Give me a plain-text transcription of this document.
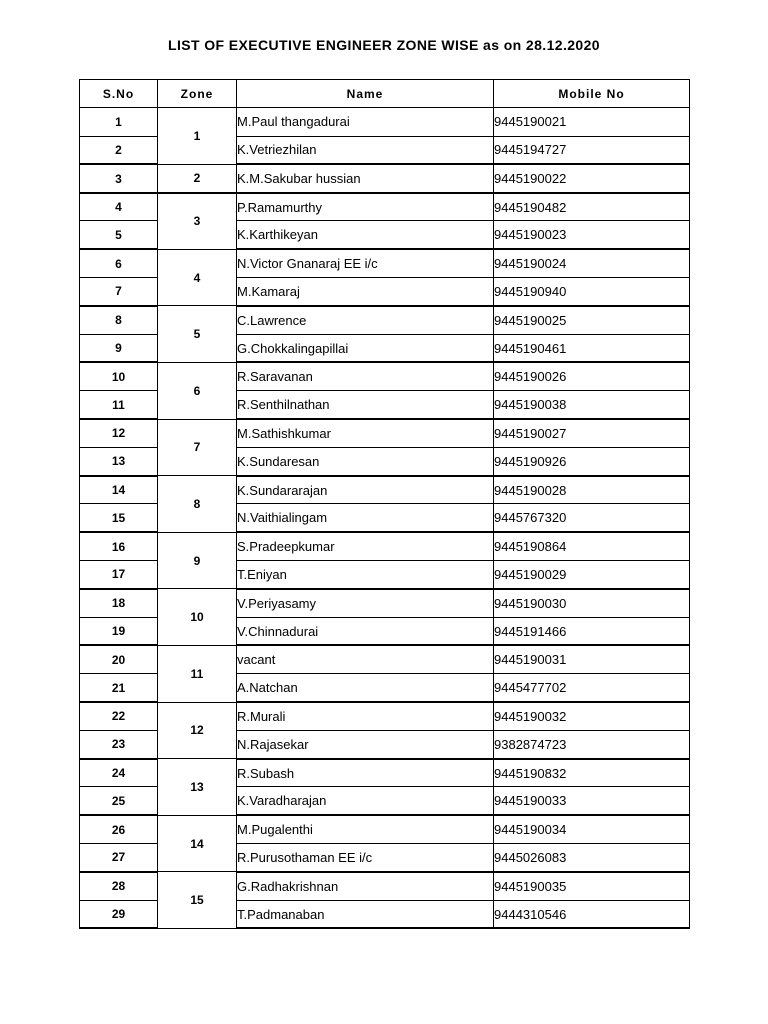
LIST OF EXECUTIVE ENGINEER ZONE WISE as on 28.12.2020
S.No	Zone	Name	Mobile No
1	1	M.Paul thangadurai	9445190021
2		K.Vetriezhilan	9445194727
3	2	K.M.Sakubar hussian	9445190022
4	3	P.Ramamurthy	9445190482
5		K.Karthikeyan	9445190023
6	4	N.Victor Gnanaraj EE i/c	9445190024
7		M.Kamaraj	9445190940
8	5	C.Lawrence	9445190025
9		G.Chokkalingapillai	9445190461
10	6	R.Saravanan	9445190026
11		R.Senthilnathan	9445190038
12	7	M.Sathishkumar	9445190027
13		K.Sundaresan	9445190926
14	8	K.Sundararajan	9445190028
15		N.Vaithialingam	9445767320
16	9	S.Pradeepkumar	9445190864
17		T.Eniyan	9445190029
18	10	V.Periyasamy	9445190030
19		V.Chinnadurai	9445191466
20	11	vacant	9445190031
21		A.Natchan	9445477702
22	12	R.Murali	9445190032
23		N.Rajasekar	9382874723
24	13	R.Subash	9445190832
25		K.Varadharajan	9445190033
26	14	M.Pugalenthi	9445190034
27		R.Purusothaman EE i/c	9445026083
28	15	G.Radhakrishnan	9445190035
29		T.Padmanaban	9444310546
